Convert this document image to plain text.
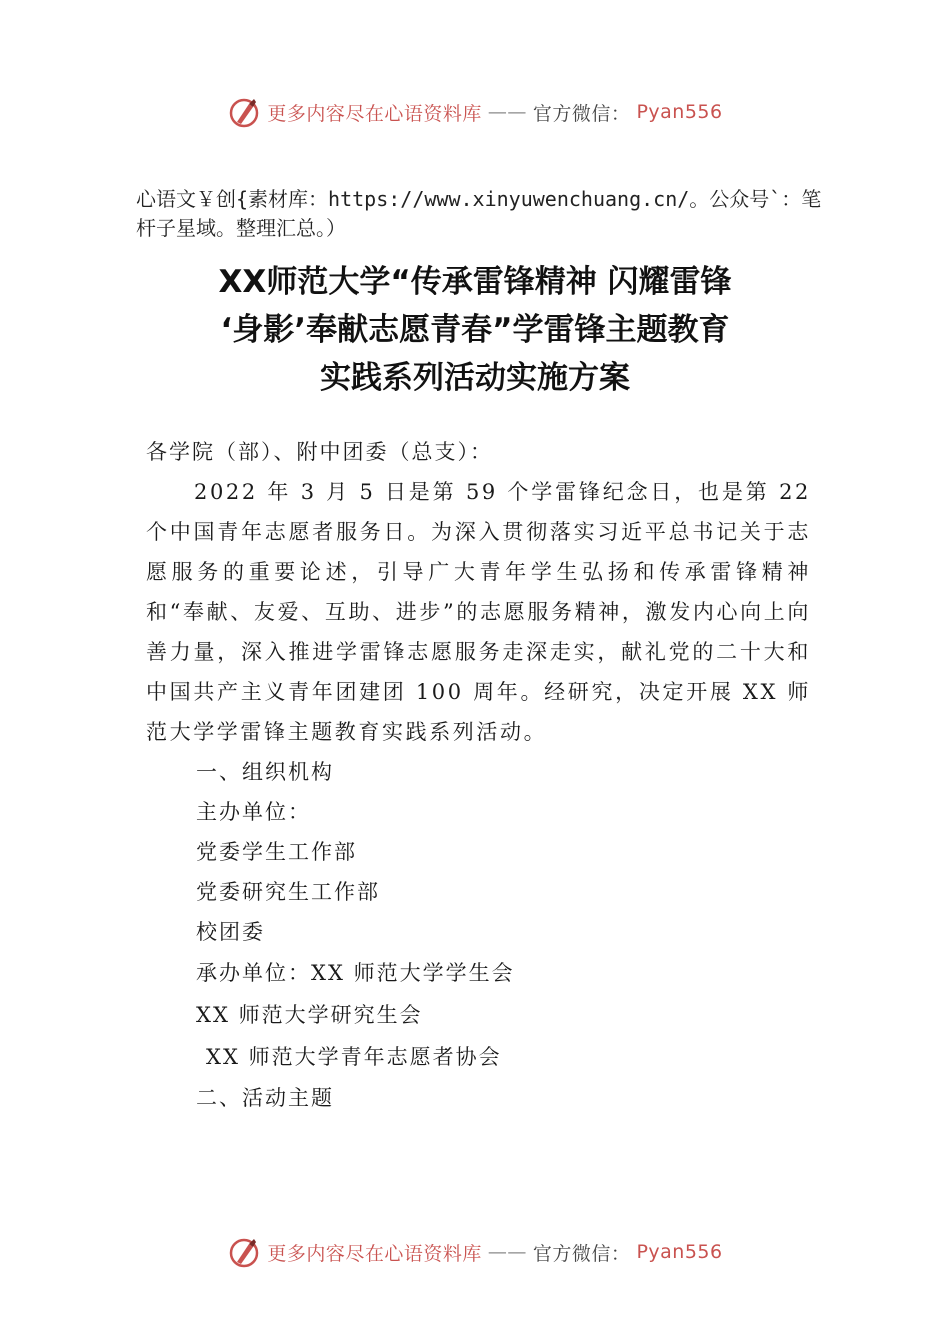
更多内容尽在心语资料库 —— 官方微信： Pyan556
心语文￥创{素材库：https://www.xinyuwenchuang.cn/。公众号`：笔杆子星域。整理汇总。）
XX师范大学“传承雷锋精神 闪耀雷锋
‘身影’奉献志愿青春”学雷锋主题教育
实践系列活动实施方案
各学院（部）、附中团委（总支）：

2022 年 3 月 5 日是第 59 个学雷锋纪念日，也是第 22 个中国青年志愿者服务日。为深入贯彻落实习近平总书记关于志愿服务的重要论述，引导广大青年学生弘扬和传承雷锋精神和“奉献、友爱、互助、进步”的志愿服务精神，激发内心向上向善力量，深入推进学雷锋志愿服务走深走实，献礼党的二十大和中国共产主义青年团建团 100 周年。经研究，决定开展 XX 师范大学学雷锋主题教育实践系列活动。

一、组织机构
主办单位：
党委学生工作部
党委研究生工作部
校团委
承办单位：XX 师范大学学生会
XX 师范大学研究生会
XX 师范大学青年志愿者协会
二、活动主题
更多内容尽在心语资料库 —— 官方微信： Pyan556
